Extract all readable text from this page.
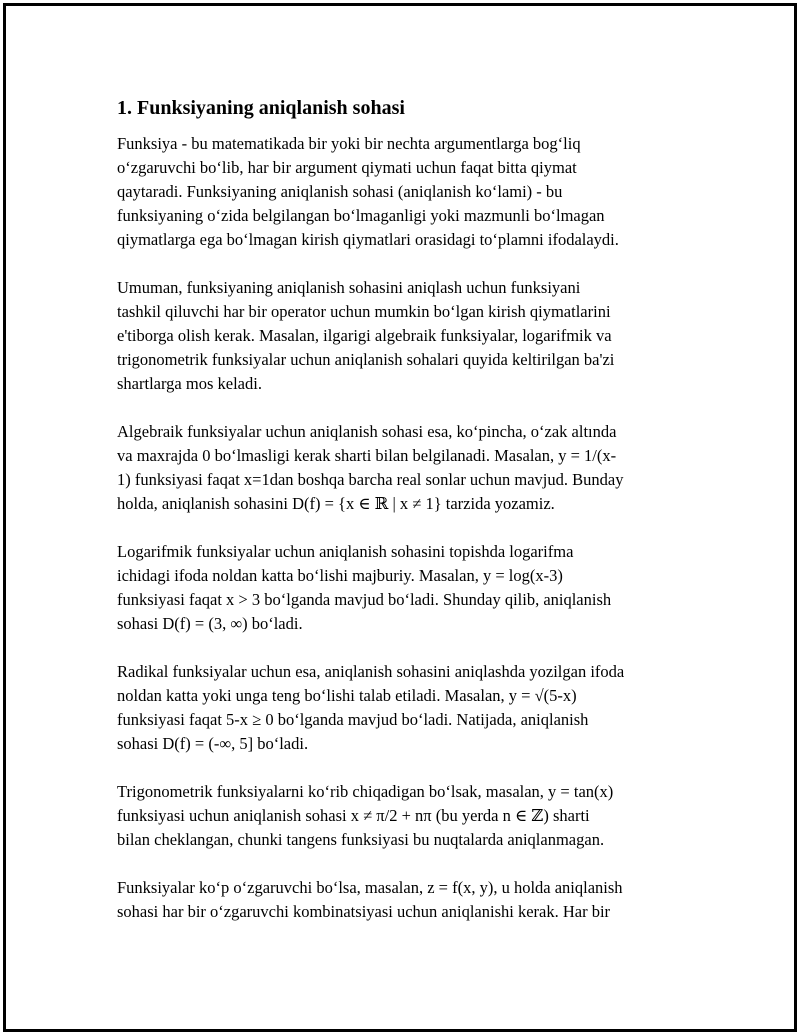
1. Funksiyaning aniqlanish sohasi
Funksiya - bu matematikada bir yoki bir nechta argumentlarga bogʻliq
oʻzgaruvchi boʻlib, har bir argument qiymati uchun faqat bitta qiymat
qaytaradi. Funksiyaning aniqlanish sohasi (aniqlanish koʻlami) - bu
funksiyaning oʻzida belgilangan boʻlmaganligi yoki mazmunli boʻlmagan
qiymatlarga ega boʻlmagan kirish qiymatlari orasidagi toʻplamni ifodalaydi.
Umuman, funksiyaning aniqlanish sohasini aniqlash uchun funksiyani
tashkil qiluvchi har bir operator uchun mumkin boʻlgan kirish qiymatlarini
e'tiborga olish kerak. Masalan, ilgarigi algebraik funksiyalar, logarifmik va
trigonometrik funksiyalar uchun aniqlanish sohalari quyida keltirilgan ba'zi
shartlarga mos keladi.
Algebraik funksiyalar uchun aniqlanish sohasi esa, koʻpincha, oʻzak altında
va maxrajda 0 boʻlmasligi kerak sharti bilan belgilanadi. Masalan, y = 1/(x-
1) funksiyasi faqat x=1dan boshqa barcha real sonlar uchun mavjud. Bunday
holda, aniqlanish sohasini D(f) = {x ∈ ℝ | x ≠ 1} tarzida yozamiz.
Logarifmik funksiyalar uchun aniqlanish sohasini topishda logarifma
ichidagi ifoda noldan katta boʻlishi majburiy. Masalan, y = log(x-3)
funksiyasi faqat x > 3 boʻlganda mavjud boʻladi. Shunday qilib, aniqlanish
sohasi D(f) = (3, ∞) boʻladi.
Radikal funksiyalar uchun esa, aniqlanish sohasini aniqlashda yozilgan ifoda
noldan katta yoki unga teng boʻlishi talab etiladi. Masalan, y = √(5-x)
funksiyasi faqat 5-x ≥ 0 boʻlganda mavjud boʻladi. Natijada, aniqlanish
sohasi D(f) = (-∞, 5] boʻladi.
Trigonometrik funksiyalarni koʻrib chiqadigan boʻlsak, masalan, y = tan(x)
funksiyasi uchun aniqlanish sohasi x ≠ π/2 + nπ (bu yerda n ∈ ℤ) sharti
bilan cheklangan, chunki tangens funksiyasi bu nuqtalarda aniqlanmagan.
Funksiyalar koʻp oʻzgaruvchi boʻlsa, masalan, z = f(x, y), u holda aniqlanish
sohasi har bir oʻzgaruvchi kombinatsiyasi uchun aniqlanishi kerak. Har bir
